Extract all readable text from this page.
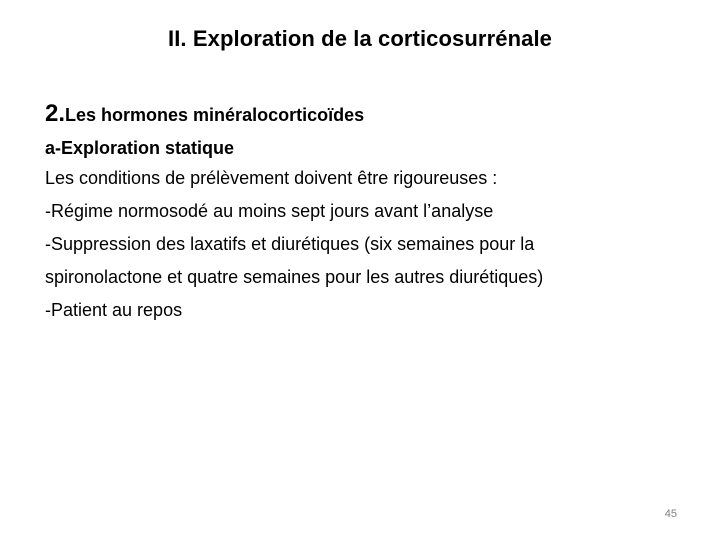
II. Exploration de la corticosurrénale
2.Les hormones minéralocorticoïdes
a-Exploration statique
Les conditions de prélèvement doivent être rigoureuses :
-Régime normosodé au moins sept jours avant l’analyse
-Suppression des laxatifs et diurétiques (six semaines pour la
spironolactone et quatre semaines pour les autres diurétiques)
-Patient au repos
45
